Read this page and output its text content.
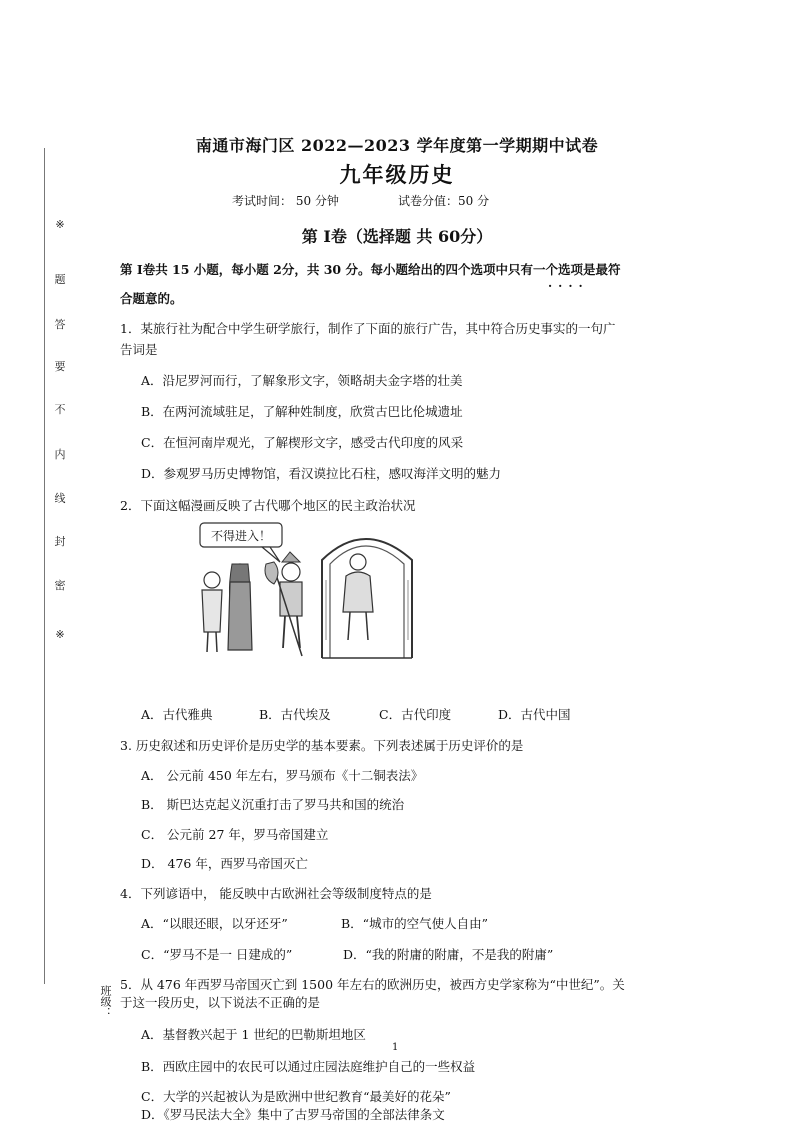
※
题
答
要
不
内
线
封
密
※
南通市海门区 2022—2023 学年度第一学期期中试卷
九年级历史
考试时间： 50 分钟	试卷分值：50 分
第 Ⅰ卷（选择题 共 60分）
第 Ⅰ卷共 15 小题，每小题 2分，共 30 分。每小题给出的四个选项中只有一个选项是最符
合题意的。
····
1．某旅行社为配合中学生研学旅行，制作了下面的旅行广告，其中符合历史事实的一句广
告词是
A．沿尼罗河而行，了解象形文字，领略胡夫金字塔的壮美
B．在两河流域驻足，了解种姓制度，欣赏古巴比伦城遗址
C．在恒河南岸观光，了解楔形文字，感受古代印度的风采
D．参观罗马历史博物馆，看汉谟拉比石柱，感叹海洋文明的魅力
2．下面这幅漫画反映了古代哪个地区的民主政治状况
不得进入！
A．古代雅典	B．古代埃及	C．古代印度	D．古代中国
3. 历史叙述和历史评价是历史学的基本要素。下列表述属于历史评价的是
A． 公元前 450 年左右，罗马颁布《十二铜表法》
B． 斯巴达克起义沉重打击了罗马共和国的统治
C． 公元前 27 年，罗马帝国建立
D． 476 年，西罗马帝国灭亡
4．下列谚语中， 能反映中古欧洲社会等级制度特点的是
A．“以眼还眼，以牙还牙”	B．“城市的空气使人自由”
C．“罗马不是一 日建成的”	D．“我的附庸的附庸，不是我的附庸”
5．从 476 年西罗马帝国灭亡到 1500 年左右的欧洲历史，被西方史学家称为“中世纪”。关
于这一段历史，以下说法不正确的是
班级：
A．基督教兴起于 1 世纪的巴勒斯坦地区
1
B．西欧庄园中的农民可以通过庄园法庭维护自己的一些权益
C．大学的兴起被认为是欧洲中世纪教育“最美好的花朵”
D．《罗马民法大全》集中了古罗马帝国的全部法律条文
